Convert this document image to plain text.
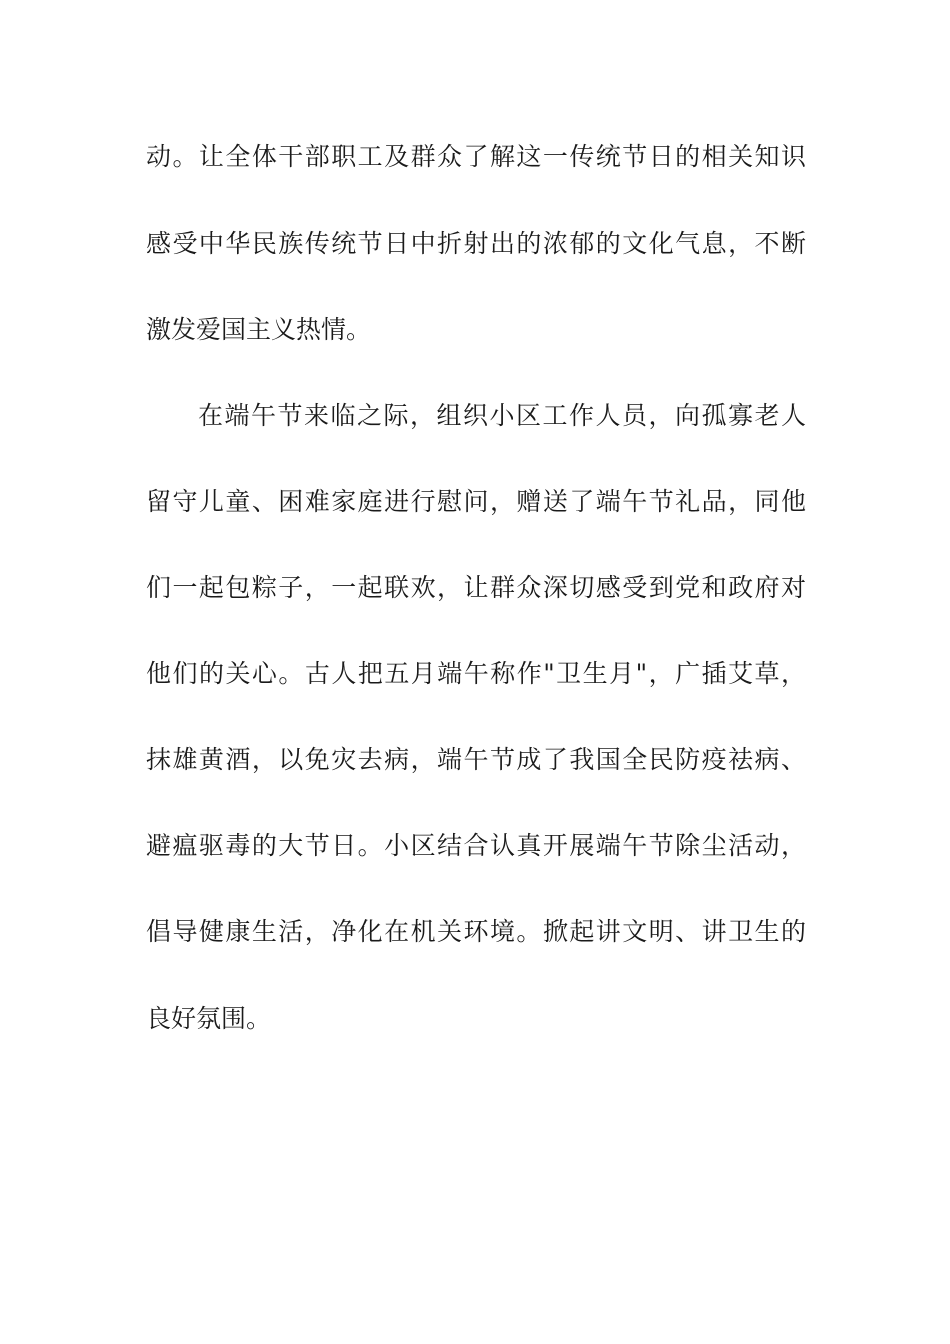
动。让全体干部职工及群众了解这一传统节日的相关知识
感受中华民族传统节日中折射出的浓郁的文化气息，不断
激发爱国主义热情。
在端午节来临之际，组织小区工作人员，向孤寡老人
留守儿童、困难家庭进行慰问，赠送了端午节礼品，同他
们一起包粽子，一起联欢，让群众深切感受到党和政府对
他们的关心。古人把五月端午称作"卫生月"，广插艾草，
抹雄黄酒，以免灾去病，端午节成了我国全民防疫祛病、
避瘟驱毒的大节日。小区结合认真开展端午节除尘活动，
倡导健康生活，净化在机关环境。掀起讲文明、讲卫生的
良好氛围。
